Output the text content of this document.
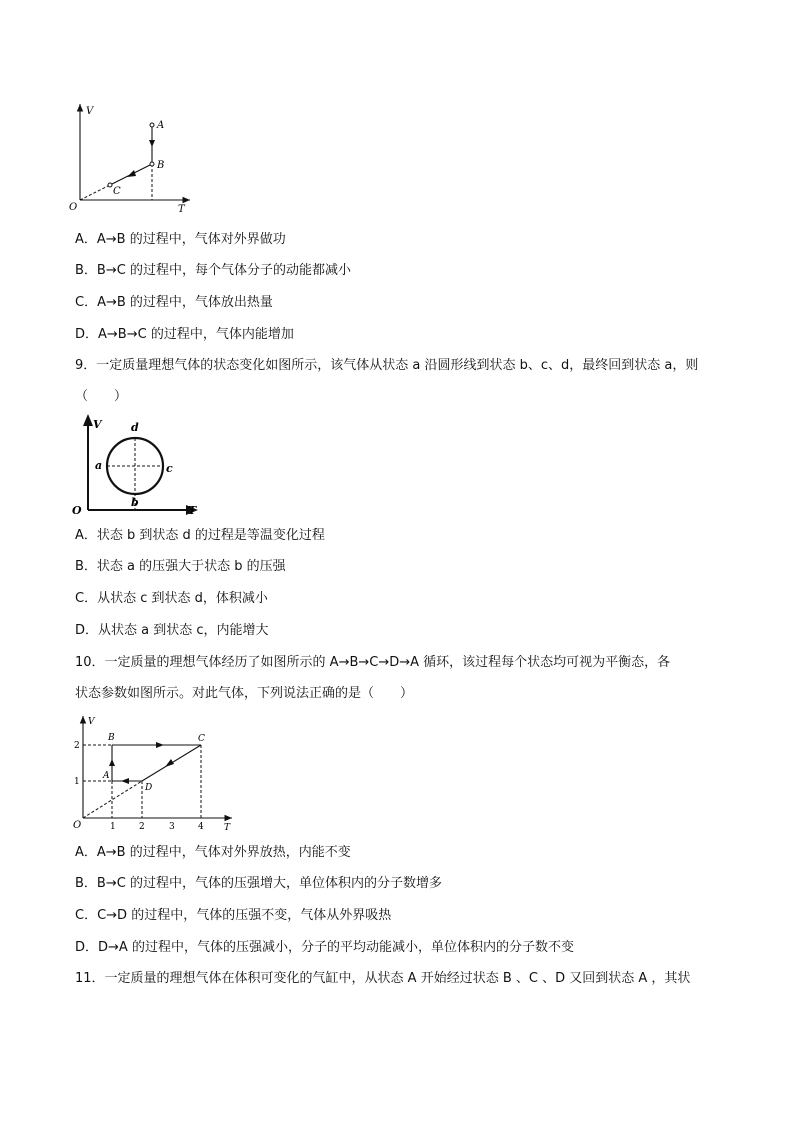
V
T
O
A
B
C
A．A→B 的过程中，气体对外界做功
B．B→C 的过程中，每个气体分子的动能都减小
C．A→B 的过程中，气体放出热量
D．A→B→C 的过程中，气体内能增加
9．一定质量理想气体的状态变化如图所示，该气体从状态 a 沿圆形线到状态 b、c、d，最终回到状态 a，则
（　　）
V
T
O
d
a	c
b
A．状态 b 到状态 d 的过程是等温变化过程
B．状态 a 的压强大于状态 b 的压强
C．从状态 c 到状态 d，体积减小
D．从状态 a 到状态 c，内能增大
10．一定质量的理想气体经历了如图所示的 A→B→C→D→A 循环，该过程每个状态均可视为平衡态，各
状态参数如图所示。对此气体，下列说法正确的是（　　）
V
T
O
2
1
1	2	3	4
A
B	C
D
A．A→B 的过程中，气体对外界放热，内能不变
B．B→C 的过程中，气体的压强增大，单位体积内的分子数增多
C．C→D 的过程中，气体的压强不变，气体从外界吸热
D．D→A 的过程中，气体的压强减小，分子的平均动能减小，单位体积内的分子数不变
11．一定质量的理想气体在体积可变化的气缸中，从状态 A 开始经过状态 B 、C 、D 又回到状态 A ，其状
